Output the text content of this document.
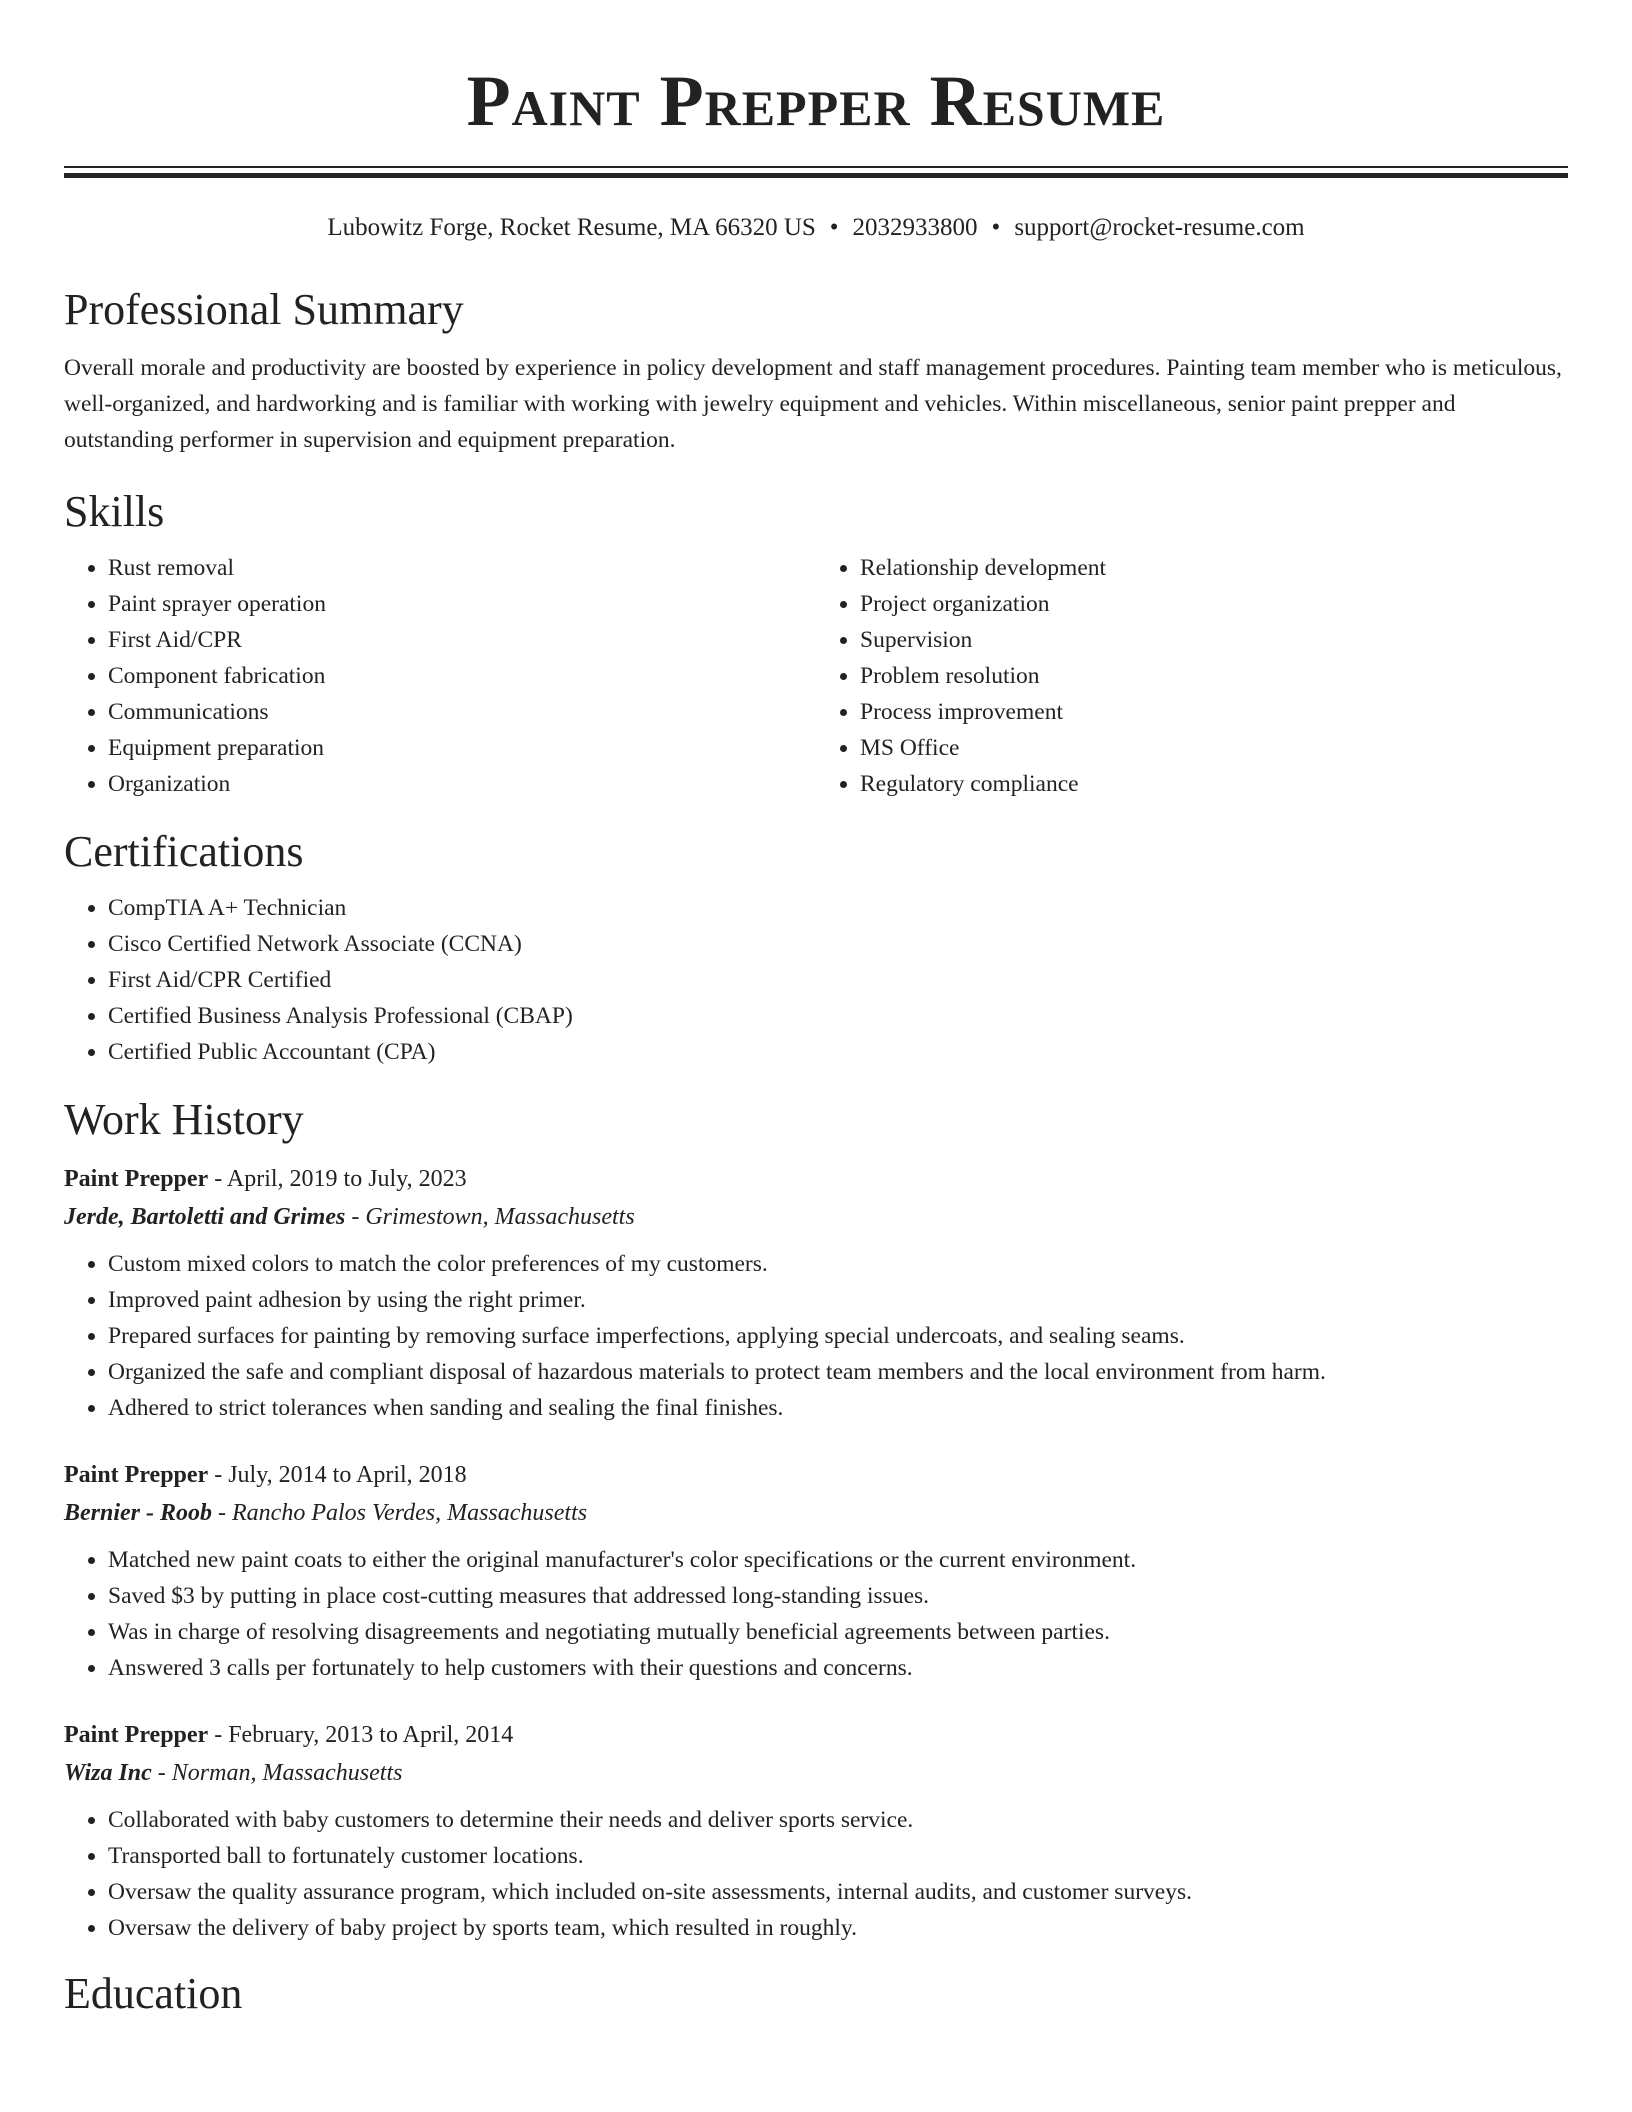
Paint Prepper Resume
Lubowitz Forge, Rocket Resume, MA 66320 US • 2032933800 • support@rocket-resume.com
Professional Summary

Overall morale and productivity are boosted by experience in policy development and staff management procedures. Painting team member who is meticulous, well-organized, and hardworking and is familiar with working with jewelry equipment and vehicles. Within miscellaneous, senior paint prepper and outstanding performer in supervision and equipment preparation.

Skills
• Rust removal
• Paint sprayer operation
• First Aid/CPR
• Component fabrication
• Communications
• Equipment preparation
• Organization
• Relationship development
• Project organization
• Supervision
• Problem resolution
• Process improvement
• MS Office
• Regulatory compliance
Certifications
• CompTIA A+ Technician
• Cisco Certified Network Associate (CCNA)
• First Aid/CPR Certified
• Certified Business Analysis Professional (CBAP)
• Certified Public Accountant (CPA)
Work History
Paint Prepper - April, 2019 to July, 2023
Jerde, Bartoletti and Grimes - Grimestown, Massachusetts
• Custom mixed colors to match the color preferences of my customers.
• Improved paint adhesion by using the right primer.
• Prepared surfaces for painting by removing surface imperfections, applying special undercoats, and sealing seams.
• Organized the safe and compliant disposal of hazardous materials to protect team members and the local environment from harm.
• Adhered to strict tolerances when sanding and sealing the final finishes.
Paint Prepper - July, 2014 to April, 2018
Bernier - Roob - Rancho Palos Verdes, Massachusetts
• Matched new paint coats to either the original manufacturer's color specifications or the current environment.
• Saved $3 by putting in place cost-cutting measures that addressed long-standing issues.
• Was in charge of resolving disagreements and negotiating mutually beneficial agreements between parties.
• Answered 3 calls per fortunately to help customers with their questions and concerns.
Paint Prepper - February, 2013 to April, 2014
Wiza Inc - Norman, Massachusetts
• Collaborated with baby customers to determine their needs and deliver sports service.
• Transported ball to fortunately customer locations.
• Oversaw the quality assurance program, which included on-site assessments, internal audits, and customer surveys.
• Oversaw the delivery of baby project by sports team, which resulted in roughly.
Education
